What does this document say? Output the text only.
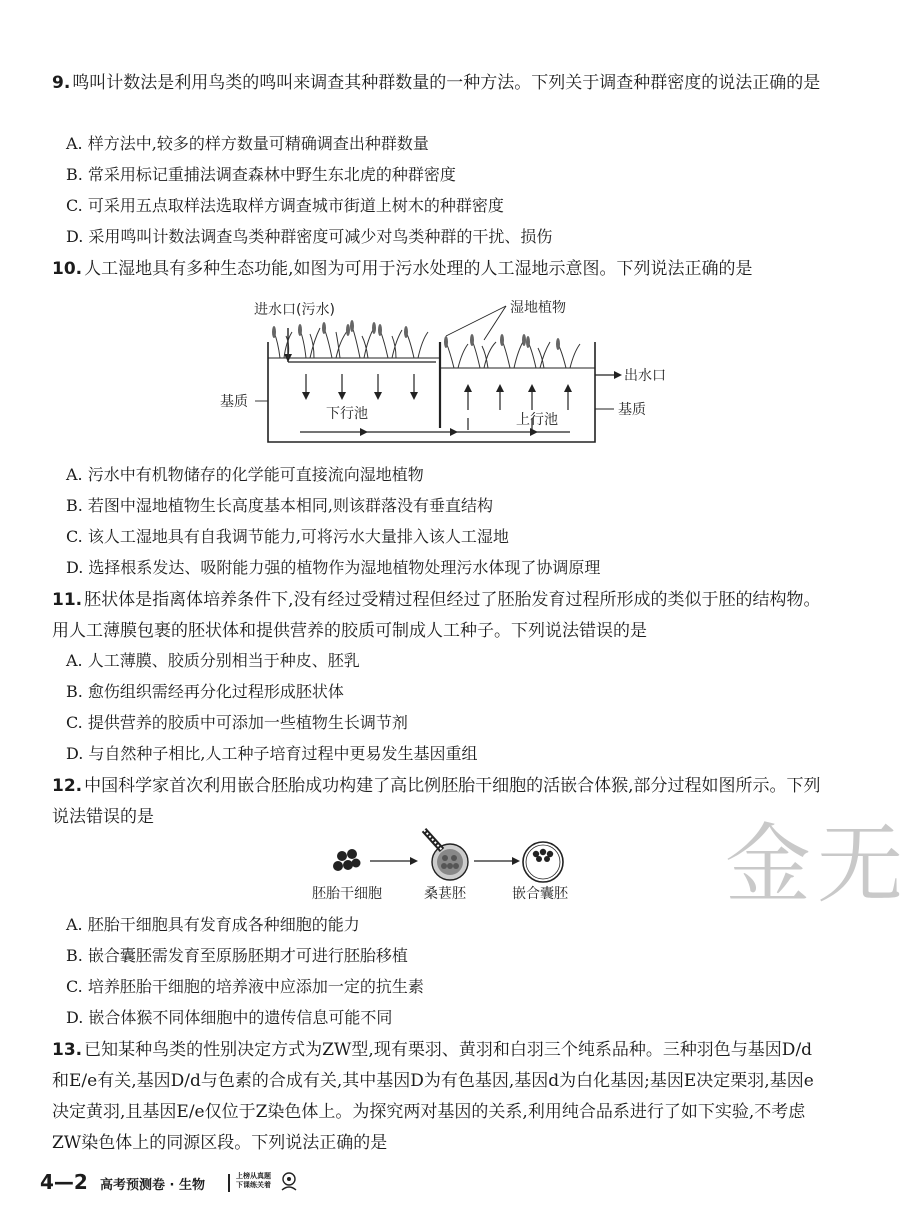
9. 鸣叫计数法是利用鸟类的鸣叫来调查其种群数量的一种方法。下列关于调查种群密度的说法正确的是

A. 样方法中,较多的样方数量可精确调查出种群数量
B. 常采用标记重捕法调查森林中野生东北虎的种群密度
C. 可采用五点取样法选取样方调查城市街道上树木的种群密度
D. 采用鸣叫计数法调查鸟类种群密度可减少对鸟类种群的干扰、损伤

10. 人工湿地具有多种生态功能,如图为可用于污水处理的人工湿地示意图。下列说法正确的是

进水口(污水)	湿地植物
出水口
基质	基质
下行池	上行池
A. 污水中有机物储存的化学能可直接流向湿地植物
B. 若图中湿地植物生长高度基本相同,则该群落没有垂直结构
C. 该人工湿地具有自我调节能力,可将污水大量排入该人工湿地
D. 选择根系发达、吸附能力强的植物作为湿地植物处理污水体现了协调原理

11. 胚状体是指离体培养条件下,没有经过受精过程但经过了胚胎发育过程所形成的类似于胚的结构物。用人工薄膜包裹的胚状体和提供营养的胶质可制成人工种子。下列说法错误的是

A. 人工薄膜、胶质分别相当于种皮、胚乳
B. 愈伤组织需经再分化过程形成胚状体
C. 提供营养的胶质中可添加一些植物生长调节剂
D. 与自然种子相比,人工种子培育过程中更易发生基因重组

12. 中国科学家首次利用嵌合胚胎成功构建了高比例胚胎干细胞的活嵌合体猴,部分过程如图所示。下列说法错误的是	金无
胚胎干细胞	桑葚胚	嵌合囊胚
A. 胚胎干细胞具有发育成各种细胞的能力
B. 嵌合囊胚需发育至原肠胚期才可进行胚胎移植
C. 培养胚胎干细胞的培养液中应添加一定的抗生素
D. 嵌合体猴不同体细胞中的遗传信息可能不同

13. 已知某种鸟类的性别决定方式为ZW型,现有栗羽、黄羽和白羽三个纯系品种。三种羽色与基因D/d和E/e有关,基因D/d与色素的合成有关,其中基因D为有色基因,基因d为白化基因;基因E决定栗羽,基因e决定黄羽,且基因E/e仅位于Z染色体上。为探究两对基因的关系,利用纯合品系进行了如下实验,不考虑ZW染色体上的同源区段。下列说法正确的是

4—2 高考预测卷 · 生物
上榜从真题
下课练关着
